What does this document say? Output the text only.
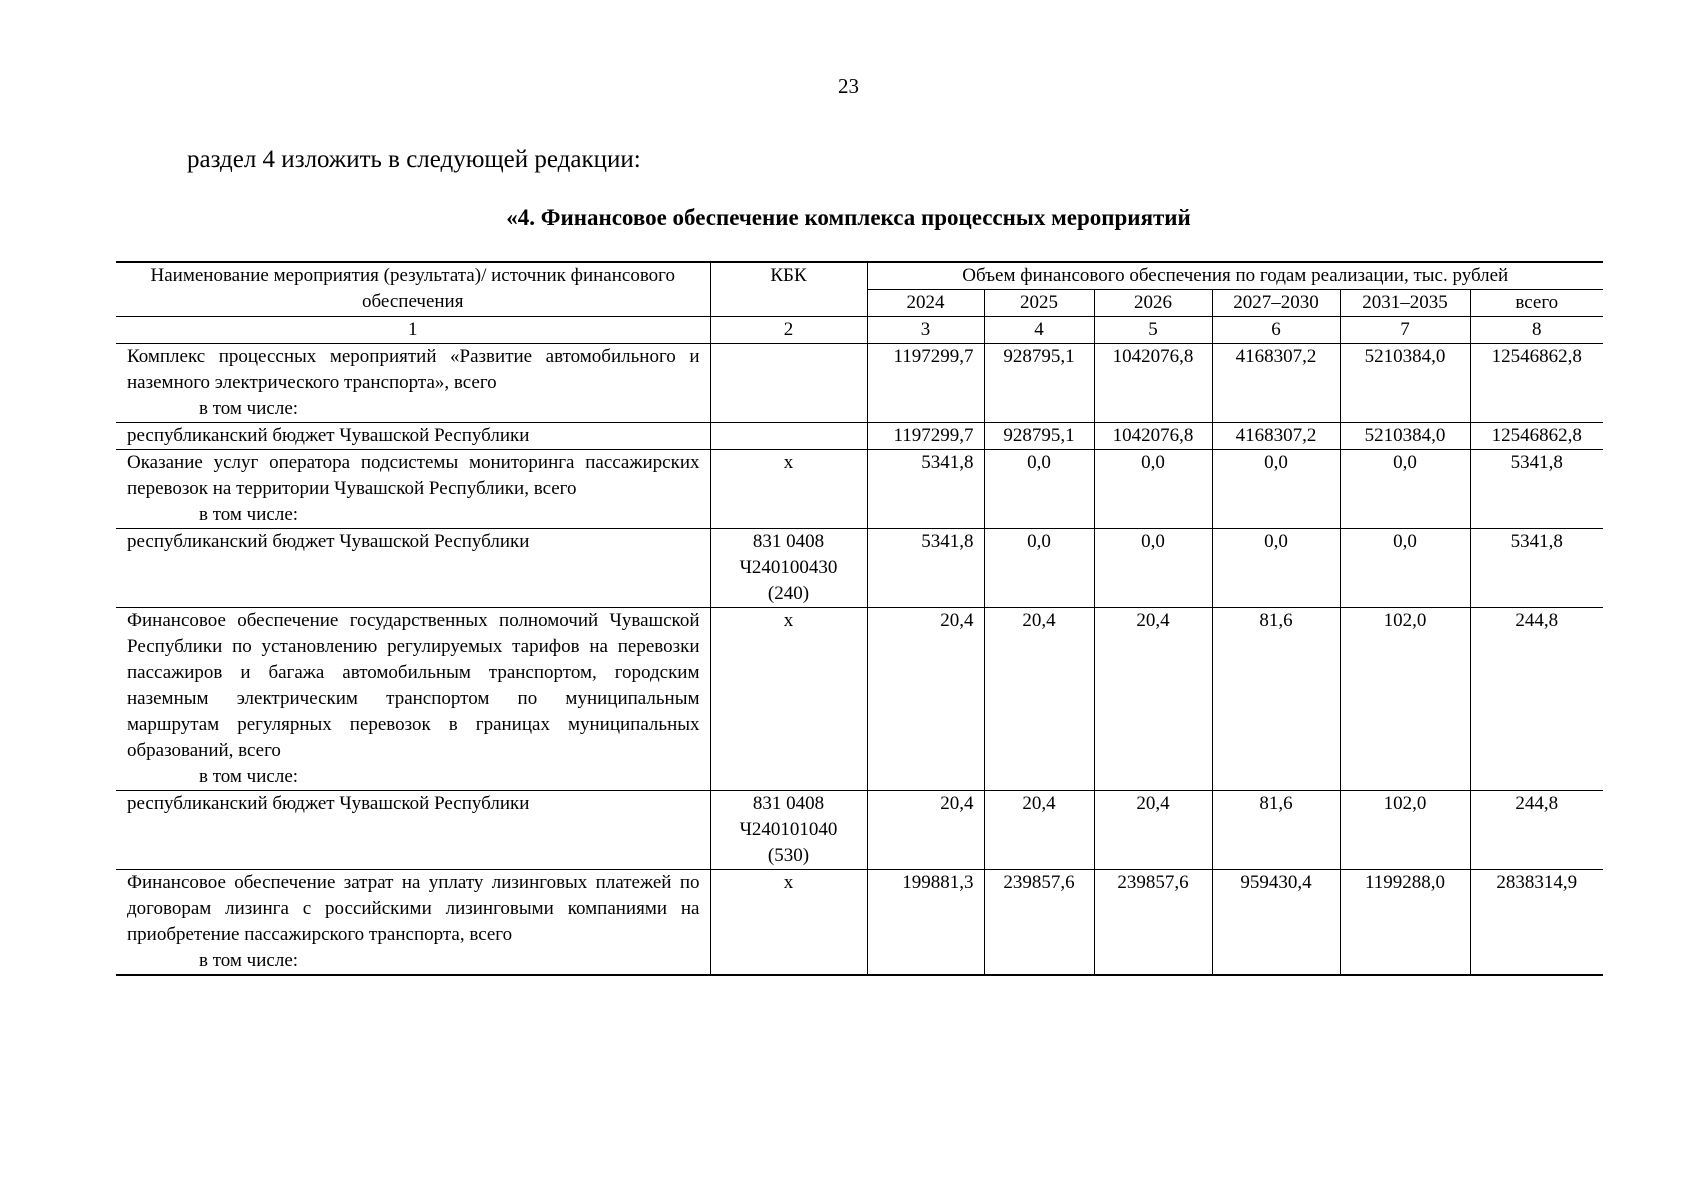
23
раздел 4 изложить в следующей редакции:
«4. Финансовое обеспечение комплекса процессных мероприятий
Наименование мероприятия (результата)/ источник финансового обеспечения	КБК	Объем финансового обеспечения по годам реализации, тыс. рублей					
		2024	2025	2026	2027–2030	2031–2035	всего
1	2	3	4	5	6	7	8

Комплекс процессных мероприятий «Развитие автомобильного и наземного электрического транспорта», всего
в том числе:		1197299,7	928795,1	1042076,8	4168307,2	5210384,0	12546862,8

республиканский бюджет Чувашской Республики		1197299,7	928795,1	1042076,8	4168307,2	5210384,0	12546862,8

Оказание услуг оператора подсистемы мониторинга пассажирских перевозок на территории Чувашской Республики, всего
в том числе:	х	5341,8	0,0	0,0	0,0	0,0	5341,8

республиканский бюджет Чувашской Республики	831 0408
Ч240100430
(240)	5341,8	0,0	0,0	0,0	0,0	5341,8

Финансовое обеспечение государственных полномочий Чувашской Республики по установлению регулируемых тарифов на перевозки пассажиров и багажа автомобильным транспортом, городским наземным электрическим транспортом по муниципальным маршрутам регулярных перевозок в границах муниципальных образований, всего
в том числе:	х	20,4	20,4	20,4	81,6	102,0	244,8

республиканский бюджет Чувашской Республики	831 0408
Ч240101040
(530)	20,4	20,4	20,4	81,6	102,0	244,8

Финансовое обеспечение затрат на уплату лизинговых платежей по договорам лизинга с российскими лизинговыми компаниями на приобретение пассажирского транспорта, всего
в том числе:	х	199881,3	239857,6	239857,6	959430,4	1199288,0	2838314,9
